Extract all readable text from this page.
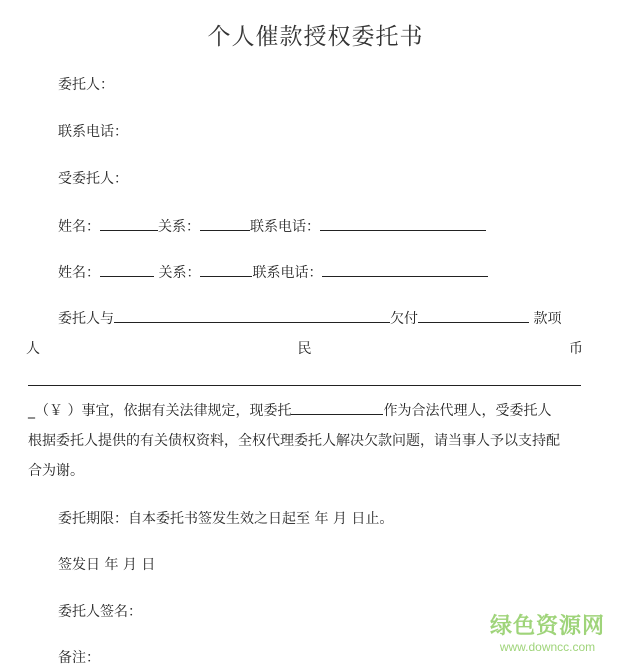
个人催款授权委托书
委托人：
联系电话：
受委托人：
姓名：	关系：	联系电话：
姓名：	关系：	联系电话：
委托人与	欠付	款项
人	民	币
_（￥ ）事宜，依据有关法律规定，现委托	作为合法代理人，受委托人
根据委托人提供的有关债权资料，全权代理委托人解决欠款问题，请当事人予以支持配
合为谢。
委托期限：自本委托书签发生效之日起至 年 月 日止。
签发日 年 月 日
委托人签名：
备注：
绿色资源网
www.downcc.com
